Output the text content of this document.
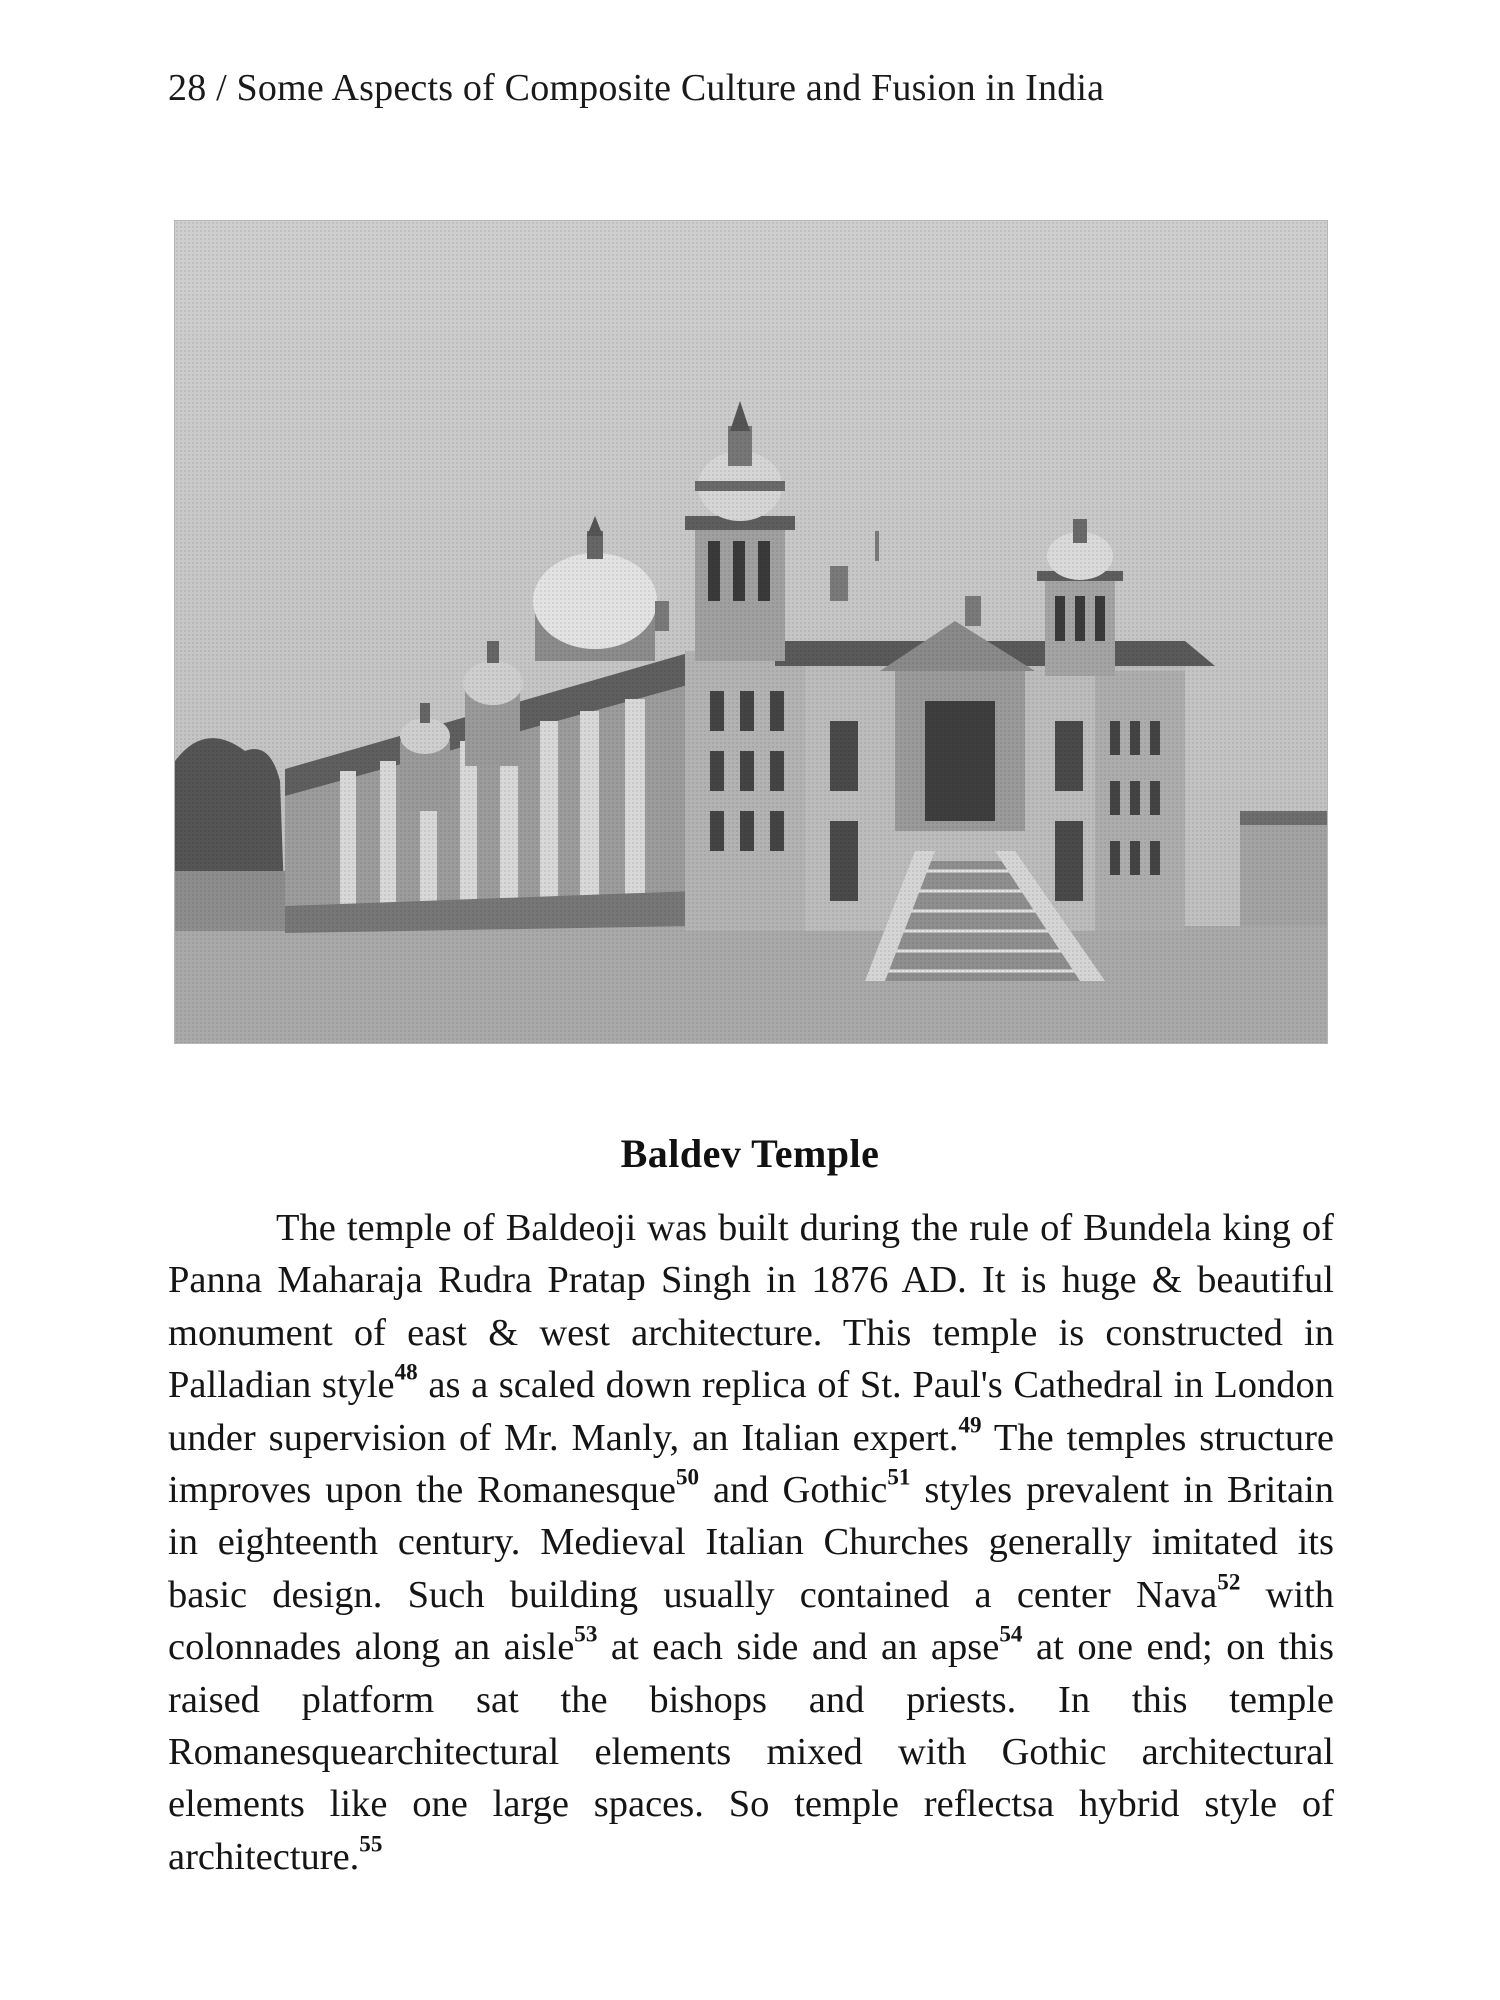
28 / Some Aspects of Composite Culture and Fusion in India
Baldev Temple

The temple of Baldeoji was built during the rule of Bundela king of Panna Maharaja Rudra Pratap Singh in 1876 AD. It is huge & beautiful monument of east & west architecture. This temple is constructed in Palladian style$^{48}$ as a scaled down replica of St. Paul's Cathedral in London under supervision of Mr. Manly, an Italian expert.$^{49}$ The temples structure improves upon the Romanesque$^{50}$ and Gothic$^{51}$ styles prevalent in Britain in eighteenth century. Medieval Italian Churches generally imitated its basic design. Such building usually contained a center Nava$^{52}$ with colonnades along an aisle$^{53}$ at each side and an apse$^{54}$ at one end; on this raised platform sat the bishops and priests. In this temple Romanesquearchitectural elements mixed with Gothic architectural elements like one large spaces. So temple reflectsa hybrid style of architecture.$^{55}$
